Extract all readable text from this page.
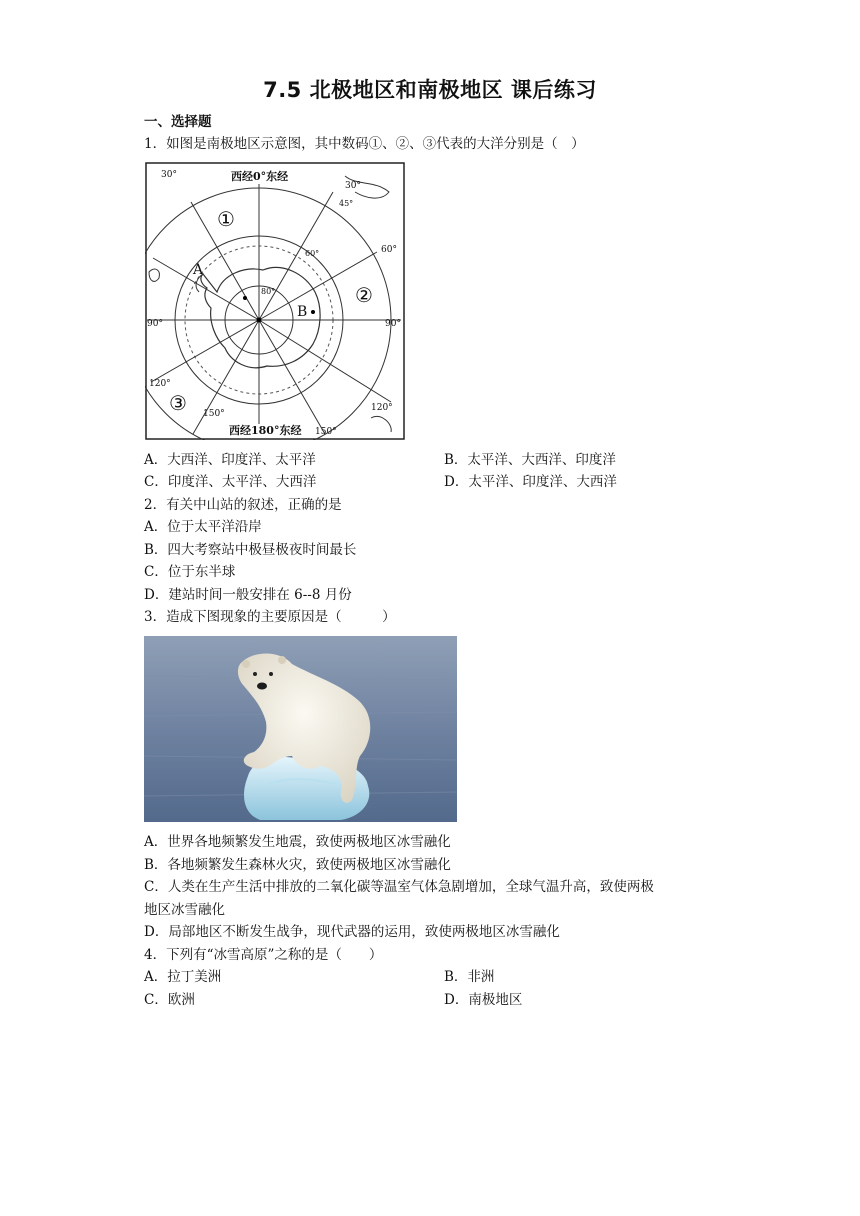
7.5 北极地区和南极地区 课后练习
一、选择题
1．如图是南极地区示意图，其中数码①、②、③代表的大洋分别是（　）
西经0°东经
西经180°东经
30°
30°
45°
60°	60°
80°
90°	90°
120°
120°
150°
150°
①
②
③
A
B
A．大西洋、印度洋、太平洋	B．太平洋、大西洋、印度洋
C．印度洋、太平洋、大西洋	D．太平洋、印度洋、大西洋
2．有关中山站的叙述，正确的是
A．位于太平洋沿岸
B．四大考察站中极昼极夜时间最长
C．位于东半球
D．建站时间一般安排在 6--8 月份
3．造成下图现象的主要原因是（　　　）
A．世界各地频繁发生地震，致使两极地区冰雪融化
B．各地频繁发生森林火灾，致使两极地区冰雪融化
C．人类在生产生活中排放的二氧化碳等温室气体急剧增加，全球气温升高，致使两极
地区冰雪融化
D．局部地区不断发生战争，现代武器的运用，致使两极地区冰雪融化
4．下列有“冰雪高原”之称的是（　　）
A．拉丁美洲	B．非洲
C．欧洲	D．南极地区
